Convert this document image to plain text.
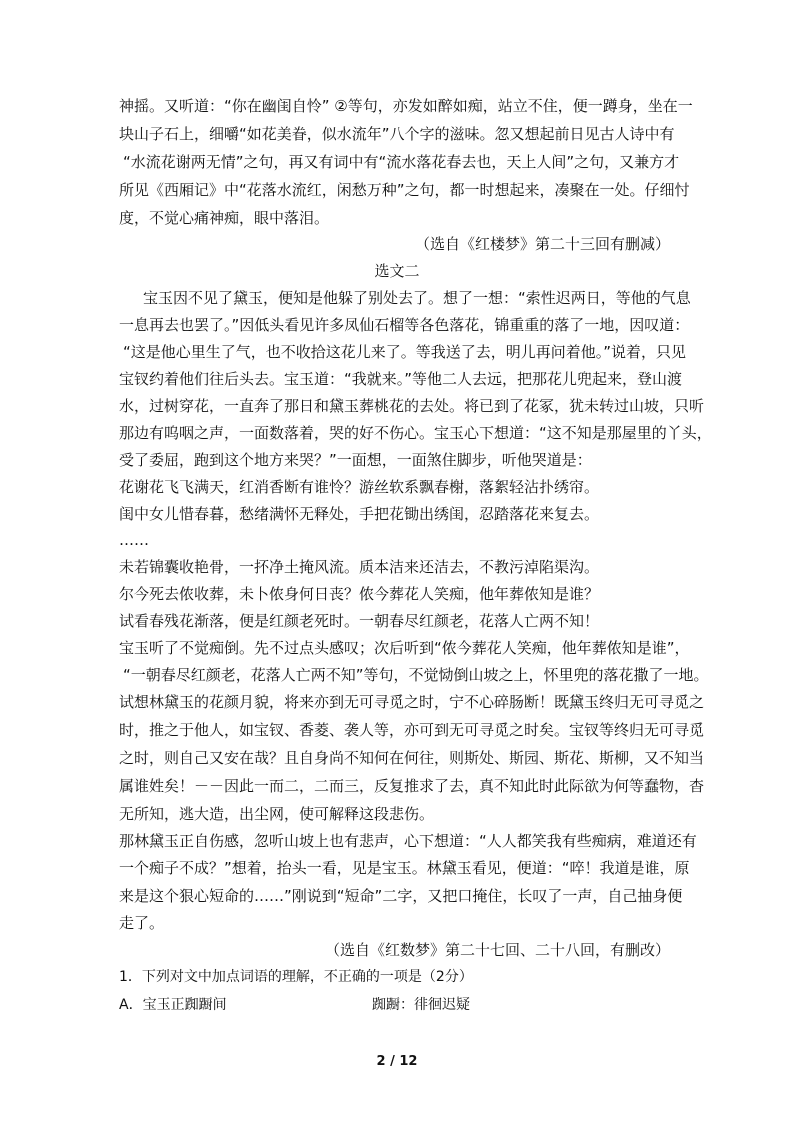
神摇。又听道：“你在幽闺自怜” ②等句，亦发如醉如痴，站立不住，便一蹲身，坐在一
块山子石上，细嚼“如花美眷，似水流年”八个字的滋味。忽又想起前日见古人诗中有
“水流花谢两无情”之句，再又有词中有“流水落花春去也，天上人间”之句，又兼方才
所见《西厢记》中“花落水流红，闲愁万种”之句，都一时想起来，凑聚在一处。仔细忖
度，不觉心痛神痴，眼中落泪。
（选自《红楼梦》第二十三回有删减）
选文二
宝玉因不见了黛玉，便知是他躲了别处去了。想了一想：“索性迟两日，等他的气息
一息再去也罢了。”因低头看见许多凤仙石榴等各色落花，锦重重的落了一地，因叹道：
“这是他心里生了气，也不收拾这花儿来了。等我送了去，明儿再问着他。”说着，只见
宝钗约着他们往后头去。宝玉道：“我就来。”等他二人去远，把那花儿兜起来，登山渡
水，过树穿花，一直奔了那日和黛玉葬桃花的去处。将已到了花冢，犹未转过山坡，只听
那边有呜咽之声，一面数落着，哭的好不伤心。宝玉心下想道：“这不知是那屋里的丫头，
受了委屈，跑到这个地方来哭？”一面想，一面煞住脚步，听他哭道是：
花谢花飞飞满天，红消香断有谁怜？游丝软系飘春榭，落絮轻沾扑绣帘。
闺中女儿惜春暮，愁绪满怀无释处，手把花锄出绣闺，忍踏落花来复去。
……
未若锦囊收艳骨，一抔净土掩风流。质本洁来还洁去，不教污淖陷渠沟。
尔今死去侬收葬，未卜侬身何日丧？侬今葬花人笑痴，他年葬侬知是谁？
试看春残花渐落，便是红颜老死时。一朝春尽红颜老，花落人亡两不知！
宝玉听了不觉痴倒。先不过点头感叹；次后听到“侬今葬花人笑痴，他年葬侬知是谁”，
“一朝春尽红颜老，花落人亡两不知”等句，不觉恸倒山坡之上，怀里兜的落花撒了一地。
试想林黛玉的花颜月貌，将来亦到无可寻觅之时，宁不心碎肠断！既黛玉终归无可寻觅之
时，推之于他人，如宝钗、香菱、袭人等，亦可到无可寻觅之时矣。宝钗等终归无可寻觅
之时，则自己又安在哉？且自身尚不知何在何往，则斯处、斯园、斯花、斯柳，又不知当
属谁姓矣！－－因此一而二，二而三，反复推求了去，真不知此时此际欲为何等蠢物，杳
无所知，逃大造，出尘网，使可解释这段悲伤。
那林黛玉正自伤感，忽听山坡上也有悲声，心下想道：“人人都笑我有些痴病，难道还有
一个痴子不成？”想着，抬头一看，见是宝玉。林黛玉看见，便道：“啐！我道是谁，原
来是这个狠心短命的……”刚说到“短命”二字，又把口掩住，长叹了一声，自己抽身便
走了。
（选自《红数梦》第二十七回、二十八回，有删改）
1．下列对文中加点词语的理解，不正确的一项是（2分）
A．宝玉正踟蹰间	踟蹰：徘徊迟疑
2 / 12
